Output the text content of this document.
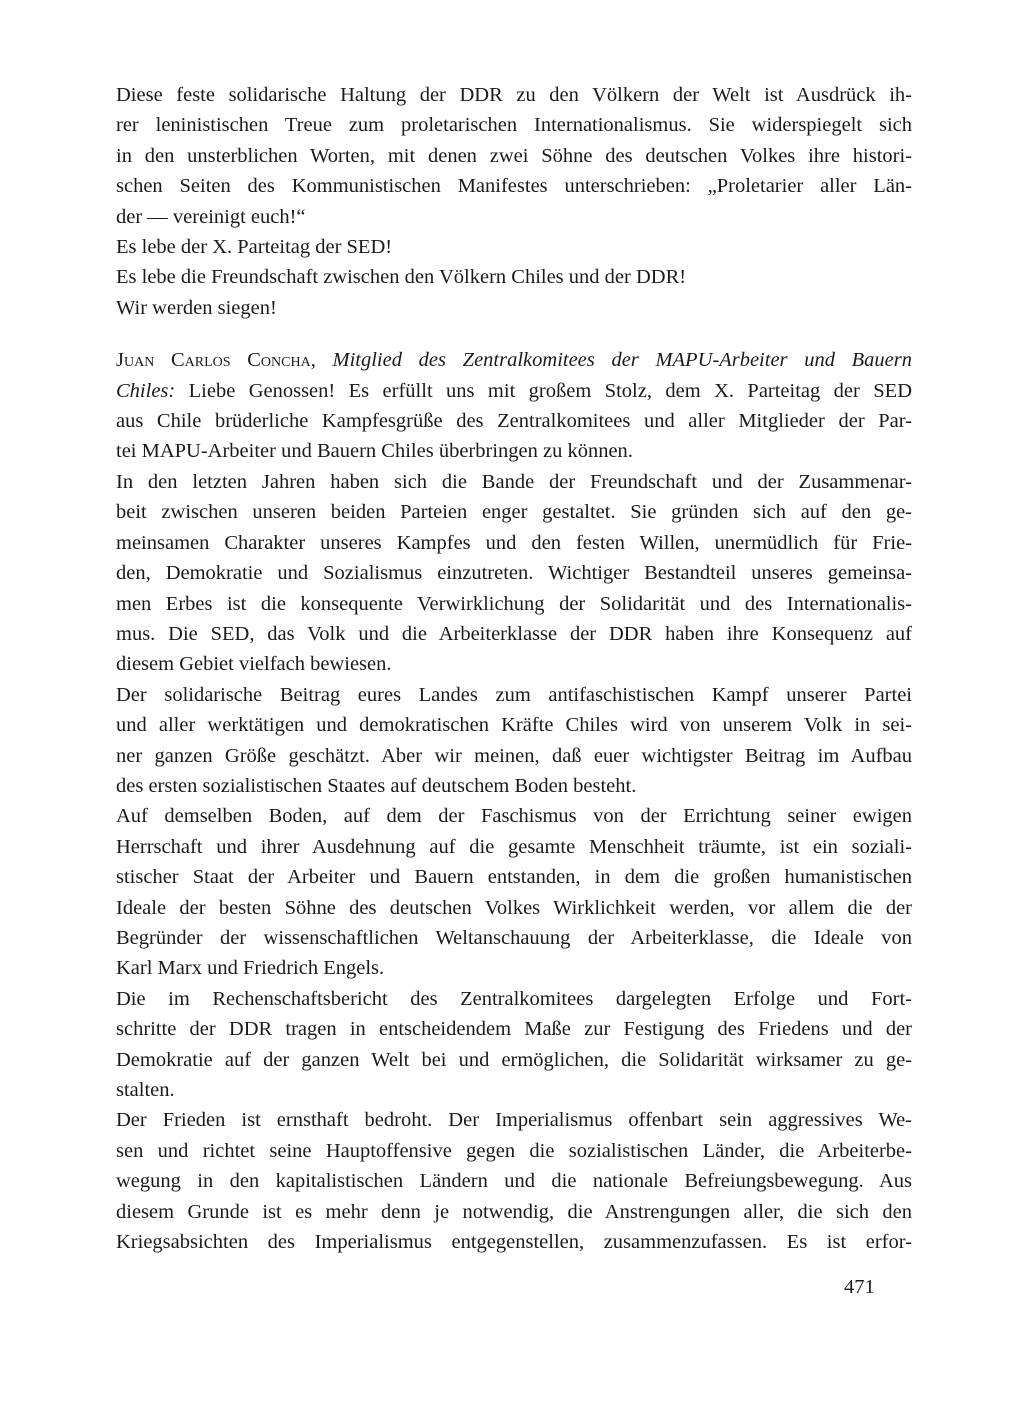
Diese feste solidarische Haltung der DDR zu den Völkern der Welt ist Ausdrück ih-
rer leninistischen Treue zum proletarischen Internationalismus. Sie widerspiegelt sich
in den unsterblichen Worten, mit denen zwei Söhne des deutschen Volkes ihre histori-
schen Seiten des Kommunistischen Manifestes unterschrieben: „Proletarier aller Län-
der — vereinigt euch!“
Es lebe der X. Parteitag der SED!
Es lebe die Freundschaft zwischen den Völkern Chiles und der DDR!
Wir werden siegen!
Juan Carlos Concha, Mitglied des Zentralkomitees der MAPU-Arbeiter und Bauern
Chiles: Liebe Genossen! Es erfüllt uns mit großem Stolz, dem X. Parteitag der SED
aus Chile brüderliche Kampfesgrüße des Zentralkomitees und aller Mitglieder der Par-
tei MAPU-Arbeiter und Bauern Chiles überbringen zu können.
In den letzten Jahren haben sich die Bande der Freundschaft und der Zusammenar-
beit zwischen unseren beiden Parteien enger gestaltet. Sie gründen sich auf den ge-
meinsamen Charakter unseres Kampfes und den festen Willen, unermüdlich für Frie-
den, Demokratie und Sozialismus einzutreten. Wichtiger Bestandteil unseres gemeinsa-
men Erbes ist die konsequente Verwirklichung der Solidarität und des Internationalis-
mus. Die SED, das Volk und die Arbeiterklasse der DDR haben ihre Konsequenz auf
diesem Gebiet vielfach bewiesen.
Der solidarische Beitrag eures Landes zum antifaschistischen Kampf unserer Partei
und aller werktätigen und demokratischen Kräfte Chiles wird von unserem Volk in sei-
ner ganzen Größe geschätzt. Aber wir meinen, daß euer wichtigster Beitrag im Aufbau
des ersten sozialistischen Staates auf deutschem Boden besteht.
Auf demselben Boden, auf dem der Faschismus von der Errichtung seiner ewigen
Herrschaft und ihrer Ausdehnung auf die gesamte Menschheit träumte, ist ein soziali-
stischer Staat der Arbeiter und Bauern entstanden, in dem die großen humanistischen
Ideale der besten Söhne des deutschen Volkes Wirklichkeit werden, vor allem die der
Begründer der wissenschaftlichen Weltanschauung der Arbeiterklasse, die Ideale von
Karl Marx und Friedrich Engels.
Die im Rechenschaftsbericht des Zentralkomitees dargelegten Erfolge und Fort-
schritte der DDR tragen in entscheidendem Maße zur Festigung des Friedens und der
Demokratie auf der ganzen Welt bei und ermöglichen, die Solidarität wirksamer zu ge-
stalten.
Der Frieden ist ernsthaft bedroht. Der Imperialismus offenbart sein aggressives We-
sen und richtet seine Hauptoffensive gegen die sozialistischen Länder, die Arbeiterbe-
wegung in den kapitalistischen Ländern und die nationale Befreiungsbewegung. Aus
diesem Grunde ist es mehr denn je notwendig, die Anstrengungen aller, die sich den
Kriegsabsichten des Imperialismus entgegenstellen, zusammenzufassen. Es ist erfor-
471
